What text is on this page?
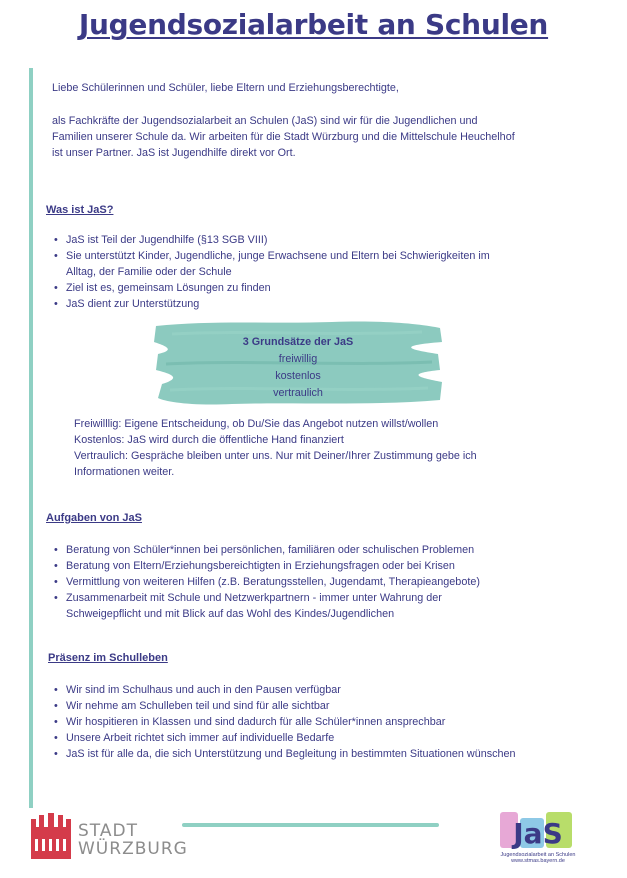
Jugendsozialarbeit an Schulen

Liebe Schülerinnen und Schüler, liebe Eltern und Erziehungsberechtigte,

als Fachkräfte der Jugendsozialarbeit an Schulen (JaS) sind wir für die Jugendlichen und

Familien unserer Schule da. Wir arbeiten für die Stadt Würzburg und die Mittelschule Heuchelhof

ist unser Partner. JaS ist Jugendhilfe direkt vor Ort.

Was ist JaS?
• JaS ist Teil der Jugendhilfe (§13 SGB VIII)
• Sie unterstützt Kinder, Jugendliche, junge Erwachsene und Eltern bei Schwierigkeiten im
Alltag, der Familie oder der Schule
• Ziel ist es, gemeinsam Lösungen zu finden
• JaS dient zur Unterstützung
3 Grundsätze der JaS
freiwillig
kostenlos
vertraulich

Freiwilllig: Eigene Entscheidung, ob Du/Sie das Angebot nutzen willst/wollen

Kostenlos: JaS wird durch die öffentliche Hand finanziert

Vertraulich: Gespräche bleiben unter uns. Nur mit Deiner/Ihrer Zustimmung gebe ich

Informationen weiter.

Aufgaben von JaS
• Beratung von Schüler*innen bei persönlichen, familiären oder schulischen Problemen
• Beratung von Eltern/Erziehungsbereichtigten in Erziehungsfragen oder bei Krisen
• Vermittlung von weiteren Hilfen (z.B. Beratungsstellen, Jugendamt, Therapieangebote)
• Zusammenarbeit mit Schule und Netzwerkpartnern - immer unter Wahrung der
Schweigepflicht und mit Blick auf das Wohl des Kindes/Jugendlichen
Präsenz im Schulleben
• Wir sind im Schulhaus und auch in den Pausen verfügbar
• Wir nehme am Schulleben teil und sind für alle sichtbar
• Wir hospitieren in Klassen und sind dadurch für alle Schüler*innen ansprechbar
• Unsere Arbeit richtet sich immer auf individuelle Bedarfe
• JaS ist für alle da, die sich Unterstützung und Begleitung in bestimmten Situationen wünschen
STADT
WÜRZBURG	JaS
Jugendsozialarbeit an Schulen
www.stmas.bayern.de
